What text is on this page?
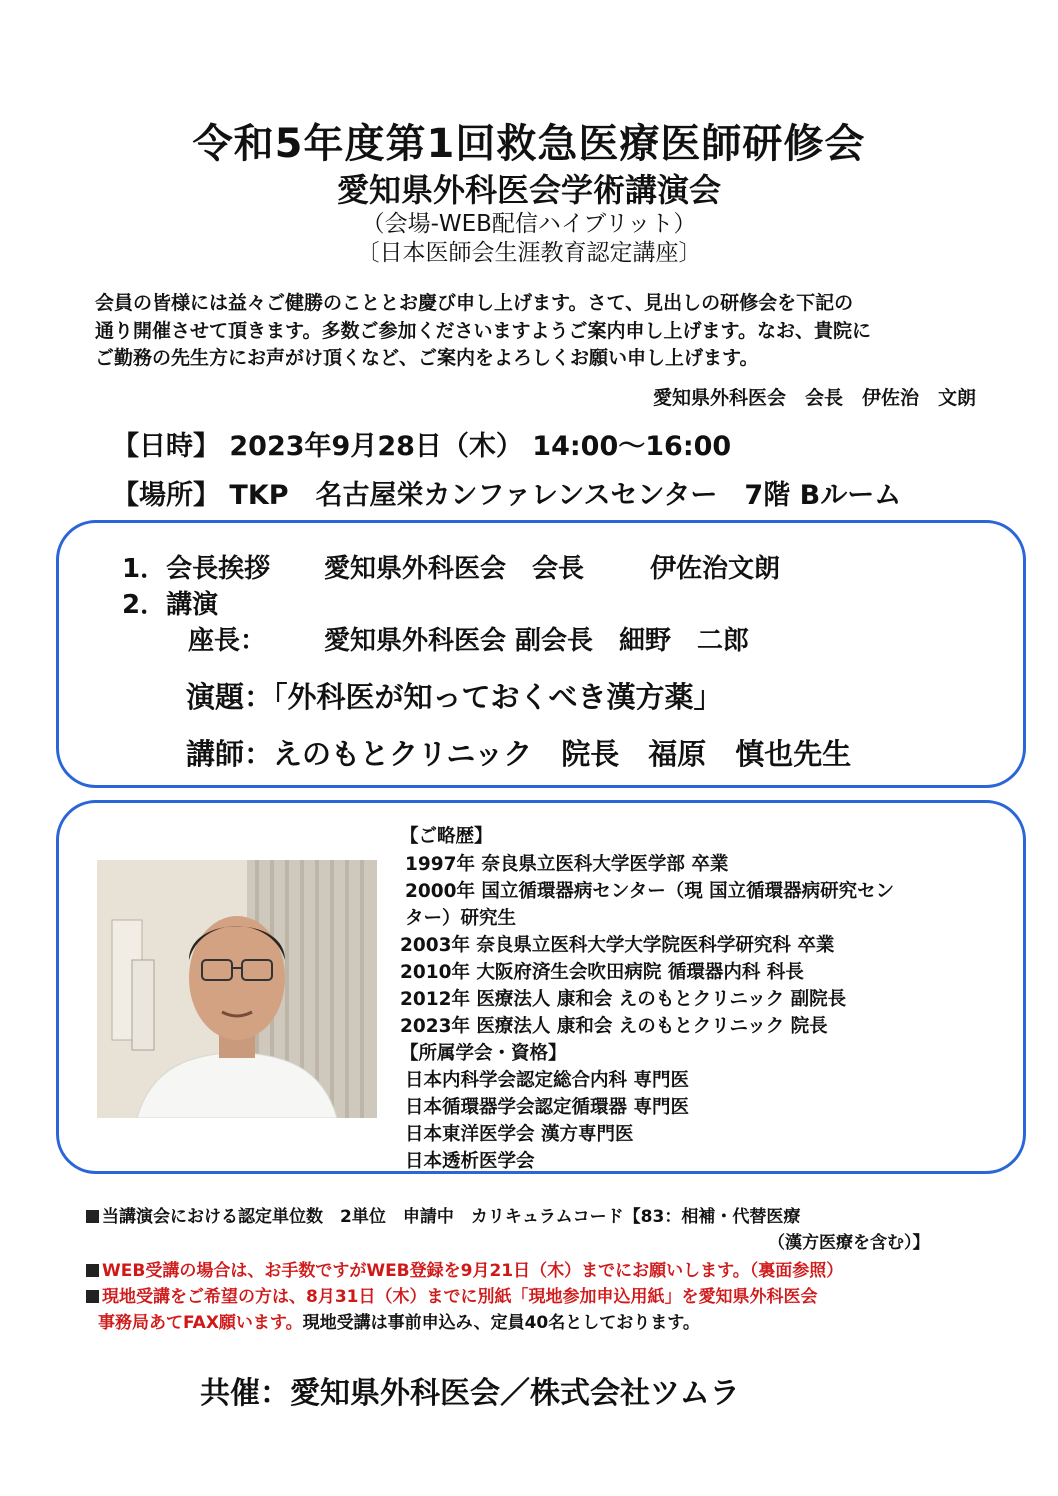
令和5年度第1回救急医療医師研修会
愛知県外科医会学術講演会
（会場-WEB配信ハイブリット）
〔日本医師会生涯教育認定講座〕
会員の皆様には益々ご健勝のこととお慶び申し上げます。さて、見出しの研修会を下記の
通り開催させて頂きます。多数ご参加くださいますようご案内申し上げます。なお、貴院に
ご勤務の先生方にお声がけ頂くなど、ご案内をよろしくお願い申し上げます。
愛知県外科医会　会長　伊佐治　文朗
【日時】 2023年9月28日（木） 14:00～16:00
【場所】 TKP　名古屋栄カンファレンスセンター　7階 Bルーム
1．会長挨拶 愛知県外科医会　会長	伊佐治文朗
2．講演
座長： 愛知県外科医会 副会長　細野　二郎
演題：「外科医が知っておくべき漢方薬」
講師：えのもとクリニック　院長　福原　慎也先生
【ご略歴】
1997年 奈良県立医科大学医学部 卒業
2000年 国立循環器病センター（現 国立循環器病研究セン
ター）研究生
2003年 奈良県立医科大学大学院医科学研究科 卒業
2010年 大阪府済生会吹田病院 循環器内科 科長
2012年 医療法人 康和会 えのもとクリニック 副院長
2023年 医療法人 康和会 えのもとクリニック 院長
【所属学会・資格】
日本内科学会認定総合内科 専門医
日本循環器学会認定循環器 専門医
日本東洋医学会 漢方専門医
日本透析医学会
当講演会における認定単位数　2単位　申請中　カリキュラムコード【83：相補・代替医療
（漢方医療を含む）】
WEB受講の場合は、お手数ですがWEB登録を9月21日（木）までにお願いします。（裏面参照）
現地受講をご希望の方は、8月31日（木）までに別紙「現地参加申込用紙」を愛知県外科医会
事務局あてFAX願います。現地受講は事前申込み、定員40名としております。
共催：愛知県外科医会／株式会社ツムラ
